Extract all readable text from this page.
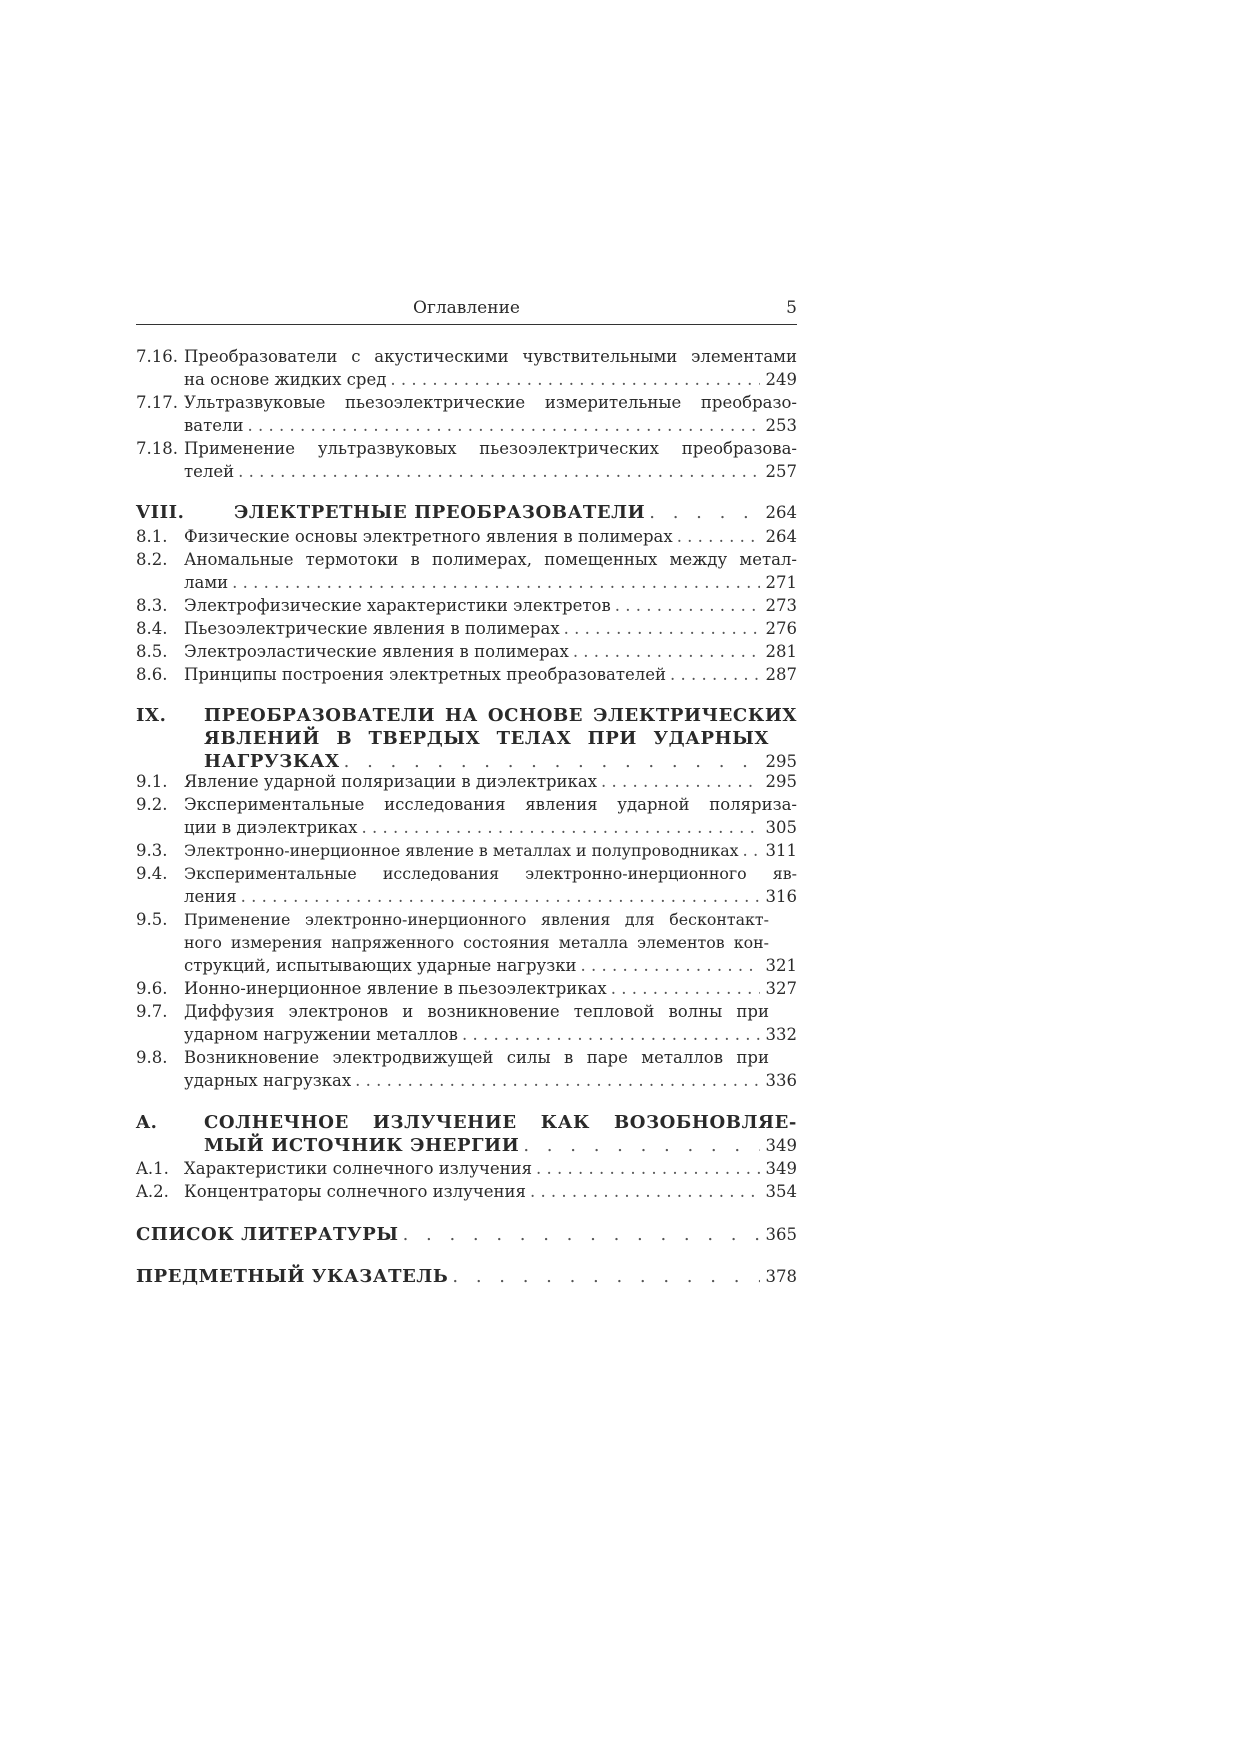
Оглавление	5
7.16. Преобразователи с акустическими чувствительными элементами
на основе жидких сред . . .	249
7.17. Ультразвуковые пьезоэлектрические измерительные преобразо-
ватели . . .	253
7.18. Применение ультразвуковых пьезоэлектрических преобразова-
телей . . .	257
VIII.	ЭЛЕКТРЕТНЫЕ ПРЕОБРАЗОВАТЕЛИ . . .	264
8.1. Физические основы электретного явления в полимерах . . .	264
8.2. Аномальные термотоки в полимерах, помещенных между метал-
лами . . .	271
8.3. Электрофизические характеристики электретов . . .	273
8.4. Пьезоэлектрические явления в полимерах . . .	276
8.5. Электроэластические явления в полимерах . . .	281
8.6. Принципы построения электретных преобразователей . . .	287
IX. ПРЕОБРАЗОВАТЕЛИ НА ОСНОВЕ ЭЛЕКТРИЧЕСКИХ
ЯВЛЕНИЙ В ТВЕРДЫХ ТЕЛАХ ПРИ УДАРНЫХ
НАГРУЗКАХ . . .	295
9.1. Явление ударной поляризации в диэлектриках . . .	295
9.2. Экспериментальные исследования явления ударной поляриза-
ции в диэлектриках . . .	305
9.3. Электронно-инерционное явление в металлах и полупроводниках . . .	311
9.4. Экспериментальные исследования электронно-инерционного яв-
ления . . .	316
9.5. Применение электронно-инерционного явления для бесконтакт-
ного измерения напряженного состояния металла элементов кон-
струкций, испытывающих ударные нагрузки . . .	321
9.6. Ионно-инерционное явление в пьезоэлектриках . . .	327
9.7. Диффузия электронов и возникновение тепловой волны при
ударном нагружении металлов . . .	332
9.8. Возникновение электродвижущей силы в паре металлов при
ударных нагрузках . . .	336
A.	СОЛНЕЧНОЕ ИЗЛУЧЕНИЕ КАК ВОЗОБНОВЛЯЕ-
МЫЙ ИСТОЧНИК ЭНЕРГИИ . . .	349
A.1. Характеристики солнечного излучения . . .	349
A.2. Концентраторы солнечного излучения . . .	354
СПИСОК ЛИТЕРАТУРЫ . . .	365
ПРЕДМЕТНЫЙ УКАЗАТЕЛЬ . . .	378
